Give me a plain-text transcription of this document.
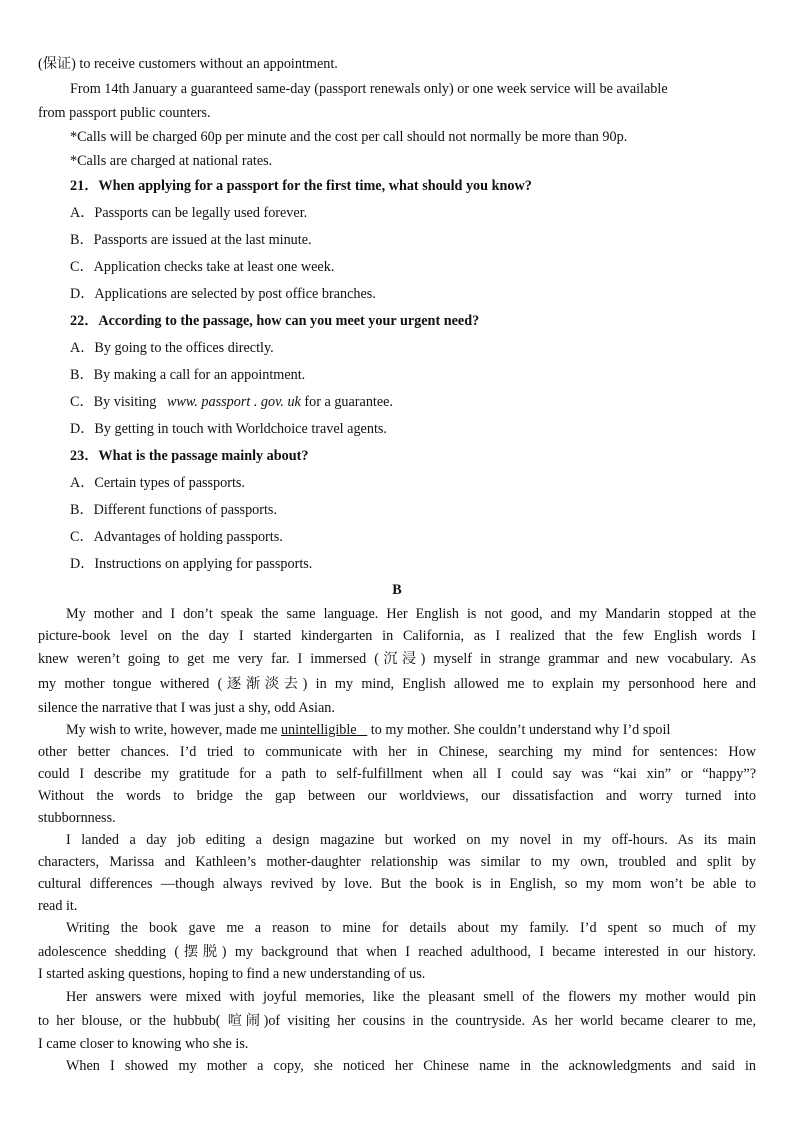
(保证) to receive customers without an appointment.
From 14th January a guaranteed same-day (passport renewals only) or one week service will be available
from passport public counters.
*Calls will be charged 60p per minute and the cost per call should not normally be more than 90p.
*Calls are charged at national rates.
21．When applying for a passport for the first time, what should you know?
A．Passports can be legally used forever.
B．Passports are issued at the last minute.
C．Application checks take at least one week.
D．Applications are selected by post office branches.
22．According to the passage, how can you meet your urgent need?
A．By going to the offices directly.
B．By making a call for an appointment.
C．By visiting www. passport . gov. uk for a guarantee.
D．By getting in touch with Worldchoice travel agents.
23．What is the passage mainly about?
A．Certain types of passports.
B．Different functions of passports.
C．Advantages of holding passports.
D．Instructions on applying for passports.
B
My mother and I don’t speak the same language. Her English is not good, and my Mandarin stopped at the
picture-book level on the day I started kindergarten in California, as I realized that the few English words I
knew weren’t going to get me very far. I immersed (沉浸) myself in strange grammar and new vocabulary. As
my mother tongue withered (逐渐淡去) in my mind, English allowed me to explain my personhood here and
silence the narrative that I was just a shy, odd Asian.
My wish to write, however, made me unintelligible    to my mother. She couldn’t understand why I’d spoil
other better chances. I’d tried to communicate with her in Chinese, searching my mind for sentences: How
could I describe my gratitude for a path to self-fulfillment when all I could say was “kai xin” or “happy”?
Without the words to bridge the gap between our worldviews, our dissatisfaction and worry turned into
stubbornness.
I landed a day job editing a design magazine but worked on my novel in my off-hours. As its main
characters, Marissa and Kathleen’s mother-daughter relationship was similar to my own, troubled and split by
cultural differences —though always revived by love. But the book is in English, so my mom won’t be able to
read it.
Writing the book gave me a reason to mine for details about my family. I’d spent so much of my
adolescence shedding (摆脱) my background that when I reached adulthood, I became interested in our history.
I started asking questions, hoping to find a new understanding of us.
Her answers were mixed with joyful memories, like the pleasant smell of the flowers my mother would pin
to her blouse, or the hubbub( 喧闹)of visiting her cousins in the countryside. As her world became clearer to me,
I came closer to knowing who she is.
When I showed my mother a copy, she noticed her Chinese name in the acknowledgments and said in
